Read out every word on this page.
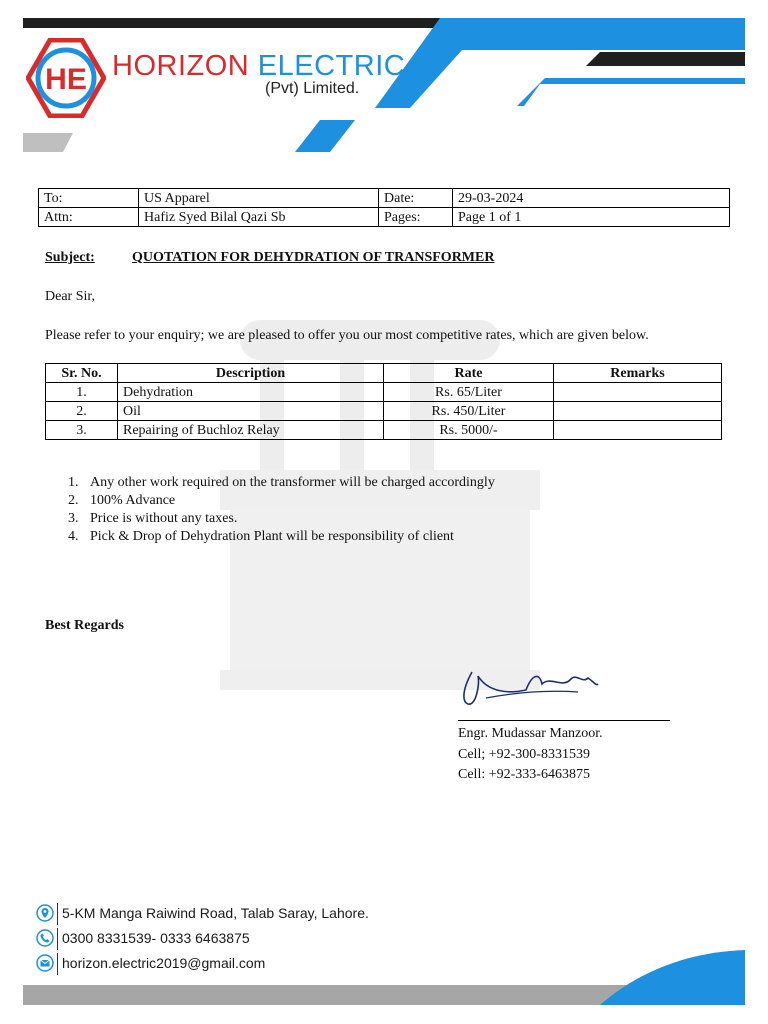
HE HORIZON ELECTRIC
(Pvt) Limited.
To:	US Apparel	Date:	29-03-2024
Attn:	Hafiz Syed Bilal Qazi Sb	Pages:	Page 1 of 1
Subject:	QUOTATION FOR DEHYDRATION OF TRANSFORMER
Dear Sir,
Please refer to your enquiry; we are pleased to offer you our most competitive rates, which are given below.
Sr. No.	Description	Rate	Remarks
1.	Dehydration	Rs. 65/Liter	
2.	Oil	Rs. 450/Liter	
3.	Repairing of Buchloz Relay	Rs. 5000/-	
1. Any other work required on the transformer will be charged accordingly
2. 100% Advance
3. Price is without any taxes.
4. Pick & Drop of Dehydration Plant will be responsibility of client
Best Regards
Engr. Mudassar Manzoor.
Cell; +92-300-8331539
Cell: +92-333-6463875
5-KM Manga Raiwind Road, Talab Saray, Lahore.
0300 8331539- 0333 6463875
horizon.electric2019@gmail.com
